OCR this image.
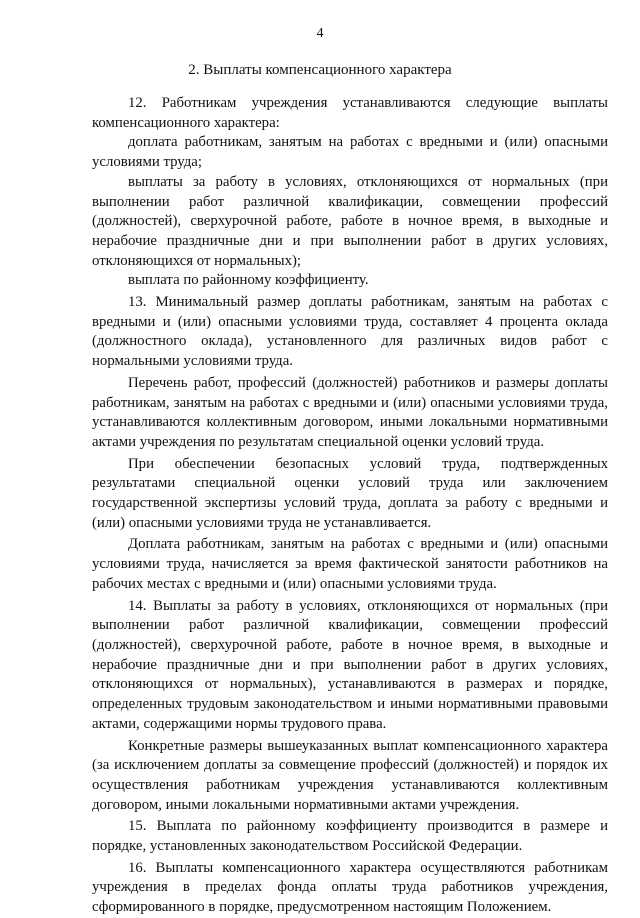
4
2. Выплаты компенсационного характера

12. Работникам учреждения устанавливаются следующие выплаты компенсационного характера:

доплата работникам, занятым на работах с вредными и (или) опасными условиями труда;

выплаты за работу в условиях, отклоняющихся от нормальных (при выполнении работ различной квалификации, совмещении профессий (должностей), сверхурочной работе, работе в ночное время, в выходные и нерабочие праздничные дни и при выполнении работ в других условиях, отклоняющихся от нормальных);

выплата по районному коэффициенту.

13. Минимальный размер доплаты работникам, занятым на работах с вредными и (или) опасными условиями труда, составляет 4 процента оклада (должностного оклада), установленного для различных видов работ с нормальными условиями труда.

Перечень работ, профессий (должностей) работников и размеры доплаты работникам, занятым на работах с вредными и (или) опасными условиями труда, устанавливаются коллективным договором, иными локальными нормативными актами учреждения по результатам специальной оценки условий труда.

При обеспечении безопасных условий труда, подтвержденных результатами специальной оценки условий труда или заключением государственной экспертизы условий труда, доплата за работу с вредными и (или) опасными условиями труда не устанавливается.

Доплата работникам, занятым на работах с вредными и (или) опасными условиями труда, начисляется за время фактической занятости работников на рабочих местах с вредными и (или) опасными условиями труда.

14. Выплаты за работу в условиях, отклоняющихся от нормальных (при выполнении работ различной квалификации, совмещении профессий (должностей), сверхурочной работе, работе в ночное время, в выходные и нерабочие праздничные дни и при выполнении работ в других условиях, отклоняющихся от нормальных), устанавливаются в размерах и порядке, определенных трудовым законодательством и иными нормативными правовыми актами, содержащими нормы трудового права.

Конкретные размеры вышеуказанных выплат компенсационного характера (за исключением доплаты за совмещение профессий (должностей) и порядок их осуществления работникам учреждения устанавливаются коллективным договором, иными локальными нормативными актами учреждения.

15. Выплата по районному коэффициенту производится в размере и порядке, установленных законодательством Российской Федерации.

16. Выплаты компенсационного характера осуществляются работникам учреждения в пределах фонда оплаты труда работников учреждения, сформированного в порядке, предусмотренном настоящим Положением.
